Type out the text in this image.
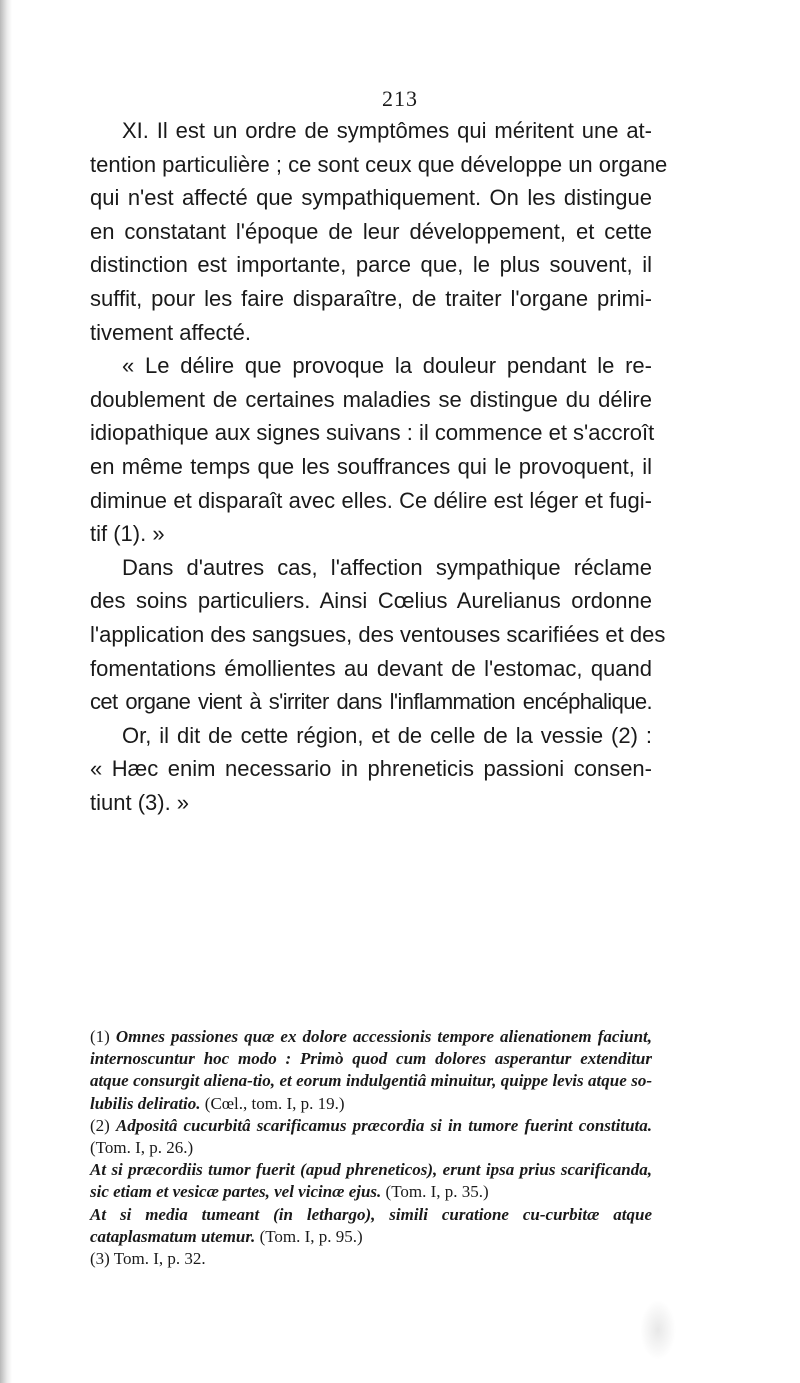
213
XI. Il est un ordre de symptômes qui méritent une at-
tention particulière ; ce sont ceux que développe un organe
qui n'est affecté que sympathiquement. On les distingue
en constatant l'époque de leur développement, et cette
distinction est importante, parce que, le plus souvent, il
suffit, pour les faire disparaître, de traiter l'organe primi-
tivement affecté.
« Le délire que provoque la douleur pendant le re-
doublement de certaines maladies se distingue du délire
idiopathique aux signes suivans : il commence et s'accroît
en même temps que les souffrances qui le provoquent, il
diminue et disparaît avec elles. Ce délire est léger et fugi-
tif (1). »
Dans d'autres cas, l'affection sympathique réclame
des soins particuliers. Ainsi Cœlius Aurelianus ordonne
l'application des sangsues, des ventouses scarifiées et des
fomentations émollientes au devant de l'estomac, quand
cet organe vient à s'irriter dans l'inflammation encéphalique.
Or, il dit de cette région, et de celle de la vessie (2) :
« Hæc enim necessario in phreneticis passioni consen-
tiunt (3). »
(1) Omnes passiones quæ ex dolore accessionis tempore alienationem faciunt, internoscuntur hoc modo : Primò quod cum dolores asperantur extenditur atque consurgit aliena-tio, et eorum indulgentiâ minuitur, quippe levis atque so-lubilis deliratio. (Cœl., tom. I, p. 19.)
(2) Adpositâ cucurbitâ scarificamus præcordia si in tumore fuerint constituta. (Tom. I, p. 26.)
At si præcordiis tumor fuerit (apud phreneticos), erunt ipsa prius scarificanda, sic etiam et vesicæ partes, vel vicinæ ejus. (Tom. I, p. 35.)
At si media tumeant (in lethargo), simili curatione cu-curbitæ atque cataplasmatum utemur. (Tom. I, p. 95.)
(3) Tom. I, p. 32.
